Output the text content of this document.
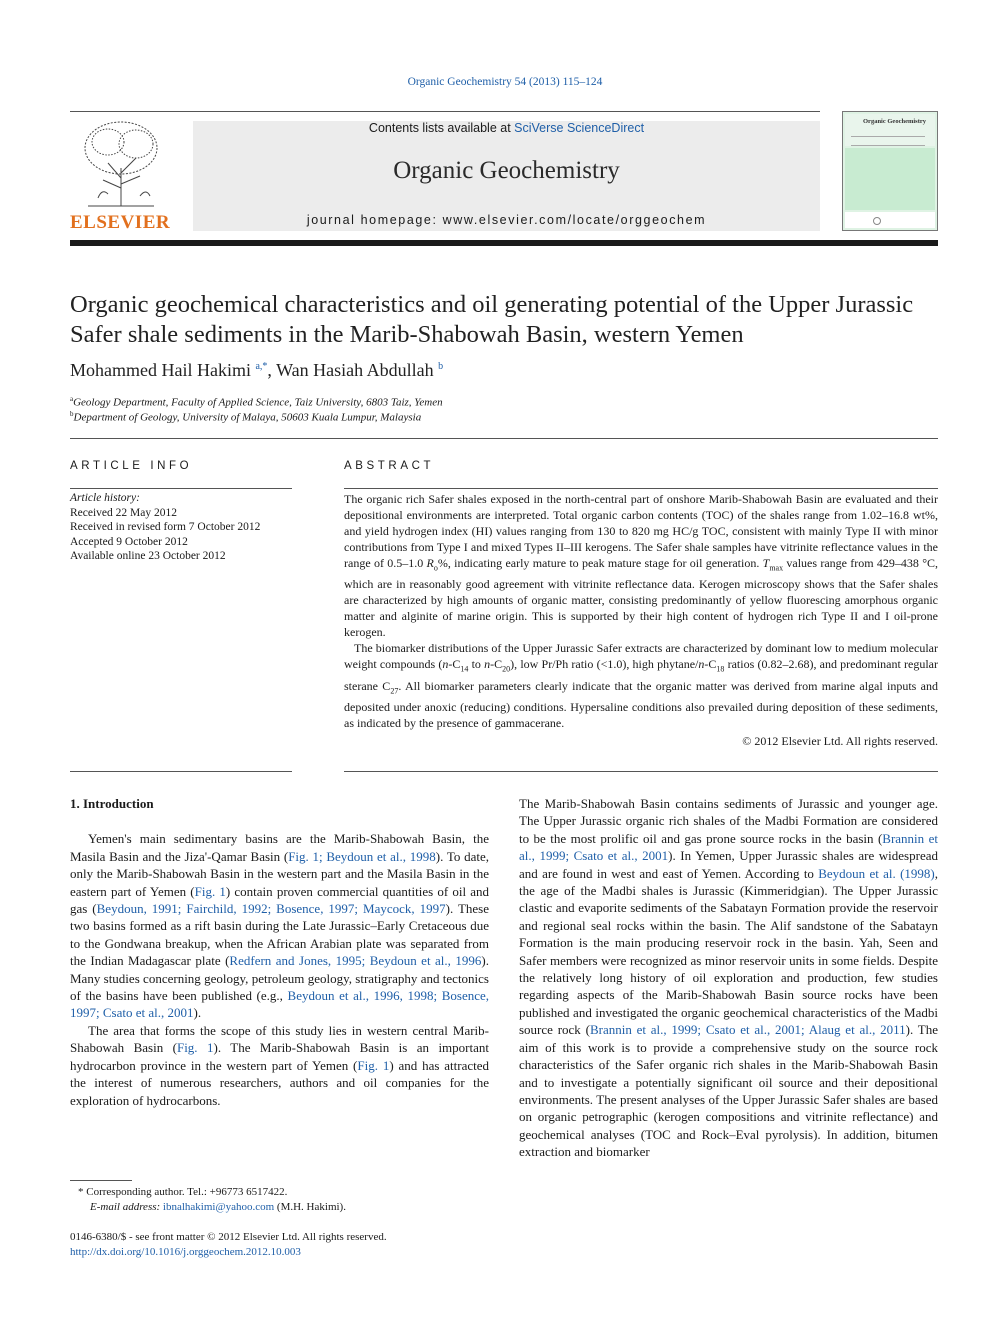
Organic Geochemistry 54 (2013) 115–124
ELSEVIER
Contents lists available at SciVerse ScienceDirect
Organic Geochemistry
journal homepage: www.elsevier.com/locate/orggeochem
Organic Geochemistry
Organic geochemical characteristics and oil generating potential of the Upper Jurassic Safer shale sediments in the Marib-Shabowah Basin, western Yemen
Mohammed Hail Hakimi $^{a,*}$, Wan Hasiah Abdullah $^b$
$^a$Geology Department, Faculty of Applied Science, Taiz University, 6803 Taiz, Yemen
$^b$Department of Geology, University of Malaya, 50603 Kuala Lumpur, Malaysia
ARTICLE INFO
Article history:
Received 22 May 2012
Received in revised form 7 October 2012
Accepted 9 October 2012
Available online 23 October 2012
ABSTRACT

The organic rich Safer shales exposed in the north-central part of onshore Marib-Shabowah Basin are evaluated and their depositional environments are interpreted. Total organic carbon contents (TOC) of the shales range from 1.02–16.8 wt%, and yield hydrogen index (HI) values ranging from 130 to 820 mg HC/g TOC, consistent with mainly Type II with minor contributions from Type I and mixed Types II–III kerogens. The Safer shale samples have vitrinite reflectance values in the range of 0.5–1.0 $R_o\%$, indicating early mature to peak mature stage for oil generation. $T_{max}$ values range from 429–438 °C, which are in reasonably good agreement with vitrinite reflectance data. Kerogen microscopy shows that the Safer shales are characterized by high amounts of organic matter, consisting predominantly of yellow fluorescing amorphous organic matter and alginite of marine origin. This is supported by their high content of hydrogen rich Type II and I oil-prone kerogen.

The biomarker distributions of the Upper Jurassic Safer extracts are characterized by dominant low to medium molecular weight compounds ($n-C_{14}$ to $n-C_{20}$), low Pr/Ph ratio (<1.0), high phytane/$n-C_{18}$ ratios (0.82–2.68), and predominant regular sterane $C_{27}$. All biomarker parameters clearly indicate that the organic matter was derived from marine algal inputs and deposited under anoxic (reducing) conditions. Hypersaline conditions also prevailed during deposition of these sediments, as indicated by the presence of gammacerane.

© 2012 Elsevier Ltd. All rights reserved.
1. Introduction

Yemen's main sedimentary basins are the Marib-Shabowah Basin, the Masila Basin and the Jiza'-Qamar Basin (Fig. 1; Beydoun et al., 1998). To date, only the Marib-Shabowah Basin in the western part and the Masila Basin in the eastern part of Yemen (Fig. 1) contain proven commercial quantities of oil and gas (Beydoun, 1991; Fairchild, 1992; Bosence, 1997; Maycock, 1997). These two basins formed as a rift basin during the Late Jurassic–Early Cretaceous due to the Gondwana breakup, when the African Arabian plate was separated from the Indian Madagascar plate (Redfern and Jones, 1995; Beydoun et al., 1996). Many studies concerning geology, petroleum geology, stratigraphy and tectonics of the basins have been published (e.g., Beydoun et al., 1996, 1998; Bosence, 1997; Csato et al., 2001).

The area that forms the scope of this study lies in western central Marib-Shabowah Basin (Fig. 1). The Marib-Shabowah Basin is an important hydrocarbon province in the western part of Yemen (Fig. 1) and has attracted the interest of numerous researchers, authors and oil companies for the exploration of hydrocarbons.

The Marib-Shabowah Basin contains sediments of Jurassic and younger age. The Upper Jurassic organic rich shales of the Madbi Formation are considered to be the most prolific oil and gas prone source rocks in the basin (Brannin et al., 1999; Csato et al., 2001). In Yemen, Upper Jurassic shales are widespread and are found in west and east of Yemen. According to Beydoun et al. (1998), the age of the Madbi shales is Jurassic (Kimmeridgian). The Upper Jurassic clastic and evaporite sediments of the Sabatayn Formation provide the reservoir and regional seal rocks within the basin. The Alif sandstone of the Sabatayn Formation is the main producing reservoir rock in the basin. Yah, Seen and Safer members were recognized as minor reservoir units in some fields. Despite the relatively long history of oil exploration and production, few studies regarding aspects of the Marib-Shabowah Basin source rocks have been published and investigated the organic geochemical characteristics of the Madbi source rock (Brannin et al., 1999; Csato et al., 2001; Alaug et al., 2011). The aim of this work is to provide a comprehensive study on the source rock characteristics of the Safer organic rich shales in the Marib-Shabowah Basin and to investigate a potentially significant oil source and their depositional environments. The present analyses of the Upper Jurassic Safer shales are based on organic petrographic (kerogen compositions and vitrinite reflectance) and geochemical analyses (TOC and Rock–Eval pyrolysis). In addition, bitumen extraction and biomarker

* Corresponding author. Tel.: +96773 6517422.
E-mail address: ibnalhakimi@yahoo.com (M.H. Hakimi).
0146-6380/$ - see front matter © 2012 Elsevier Ltd. All rights reserved.
http://dx.doi.org/10.1016/j.orggeochem.2012.10.003
